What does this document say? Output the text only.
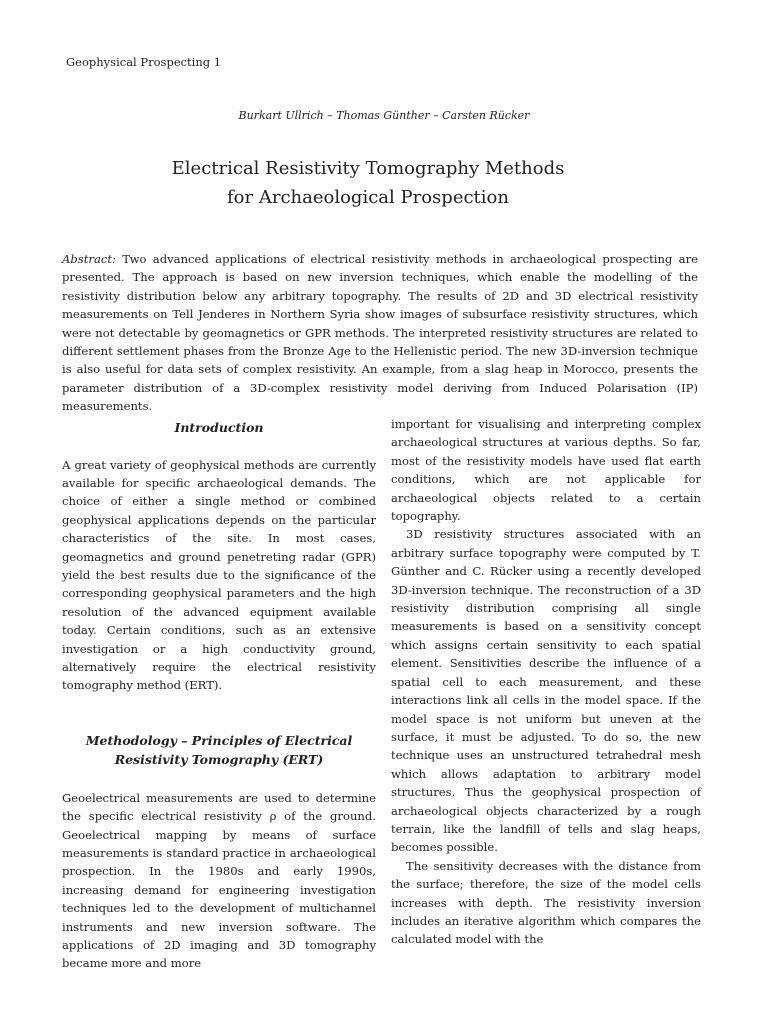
Geophysical Prospecting 1
Burkart Ullrich – Thomas Günther – Carsten Rücker
Electrical Resistivity Tomography Methods
for Archaeological Prospection

Abstract: Two advanced applications of electrical resistivity methods in archaeological prospecting are presented. The approach is based on new inversion techniques, which enable the modelling of the resistivity distribution below any arbitrary topography. The results of 2D and 3D electrical resistivity measurements on Tell Jenderes in Northern Syria show images of subsurface resistivity structures, which were not detectable by geomagnetics or GPR methods. The interpreted resistivity structures are related to different settlement phases from the Bronze Age to the Hellenistic period. The new 3D-inversion technique is also useful for data sets of complex resistivity. An example, from a slag heap in Morocco, presents the parameter distribution of a 3D-complex resistivity model deriving from Induced Polarisation (IP) measurements.

Introduction

A great variety of geophysical methods are currently available for specific archaeological demands. The choice of either a single method or combined geophysical applications depends on the particular characteristics of the site. In most cases, geomagnetics and ground penetreting radar (GPR) yield the best results due to the significance of the corresponding geophysical parameters and the high resolution of the advanced equipment available today. Certain conditions, such as an extensive investigation or a high conductivity ground, alternatively require the electrical resistivity tomography method (ERT).

Methodology – Principles of Electrical
Resistivity Tomography (ERT)

Geoelectrical measurements are used to determine the specific electrical resistivity ρ of the ground. Geoelectrical mapping by means of surface measurements is standard practice in archaeological prospection. In the 1980s and early 1990s, increasing demand for engineering investigation techniques led to the development of multichannel instruments and new inversion software. The applications of 2D imaging and 3D tomography became more and more

important for visualising and interpreting complex archaeological structures at various depths. So far, most of the resistivity models have used flat earth conditions, which are not applicable for archaeological objects related to a certain topography.

3D resistivity structures associated with an arbitrary surface topography were computed by T. Günther and C. Rücker using a recently developed 3D-inversion technique. The reconstruction of a 3D resistivity distribution comprising all single measurements is based on a sensitivity concept which assigns certain sensitivity to each spatial element. Sensitivities describe the influence of a spatial cell to each measurement, and these interactions link all cells in the model space. If the model space is not uniform but uneven at the surface, it must be adjusted. To do so, the new technique uses an unstructured tetrahedral mesh which allows adaptation to arbitrary model structures. Thus the geophysical prospection of archaeological objects characterized by a rough terrain, like the landfill of tells and slag heaps, becomes possible.

The sensitivity decreases with the distance from the surface; therefore, the size of the model cells increases with depth. The resistivity inversion includes an iterative algorithm which compares the calculated model with the
